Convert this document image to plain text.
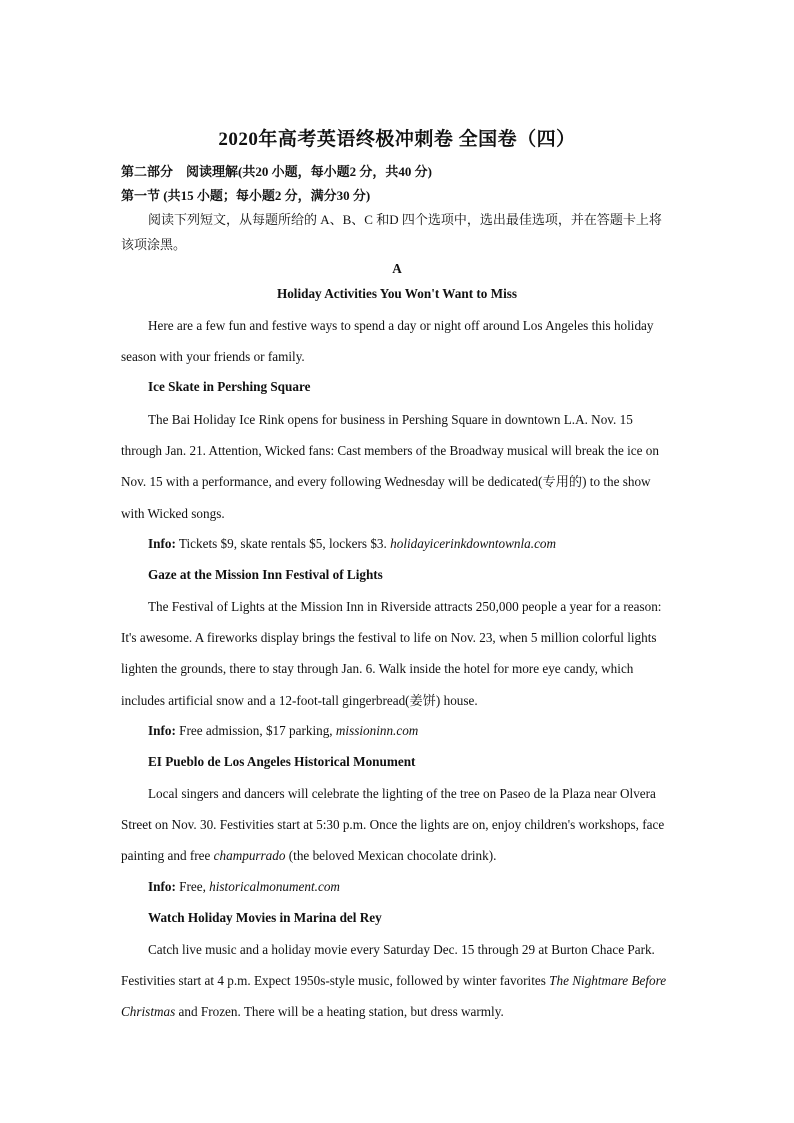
2020年高考英语终极冲刺卷 全国卷（四）
第二部分　阅读理解(共20 小题，每小题2 分，共40 分)
第一节 (共15 小题；每小题2 分，满分30 分)
阅读下列短文，从每题所给的 A、B、C 和D 四个选项中，选出最佳选项，并在答题卡上将该项涂黑。
A
Holiday Activities You Won't Want to Miss
Here are a few fun and festive ways to spend a day or night off around Los Angeles this holiday season with your friends or family.
Ice Skate in Pershing Square
The Bai Holiday Ice Rink opens for business in Pershing Square in downtown L.A. Nov. 15 through Jan. 21. Attention, Wicked fans: Cast members of the Broadway musical will break the ice on Nov. 15 with a performance, and every following Wednesday will be dedicated(专用的) to the show with Wicked songs.
Info: Tickets $9, skate rentals $5, lockers $3. holidayicerinkdowntownla.com
Gaze at the Mission Inn Festival of Lights
The Festival of Lights at the Mission Inn in Riverside attracts 250,000 people a year for a reason: It's awesome. A fireworks display brings the festival to life on Nov. 23, when 5 million colorful lights lighten the grounds, there to stay through Jan. 6. Walk inside the hotel for more eye candy, which includes artificial snow and a 12-foot-tall gingerbread(姜饼) house.
Info: Free admission, $17 parking, missioninn.com
EI Pueblo de Los Angeles Historical Monument
Local singers and dancers will celebrate the lighting of the tree on Paseo de la Plaza near Olvera Street on Nov. 30. Festivities start at 5:30 p.m. Once the lights are on, enjoy children's workshops, face painting and free champurrado (the beloved Mexican chocolate drink).
Info: Free, historicalmonument.com
Watch Holiday Movies in Marina del Rey
Catch live music and a holiday movie every Saturday Dec. 15 through 29 at Burton Chace Park. Festivities start at 4 p.m. Expect 1950s-style music, followed by winter favorites The Nightmare Before Christmas and Frozen. There will be a heating station, but dress warmly.
